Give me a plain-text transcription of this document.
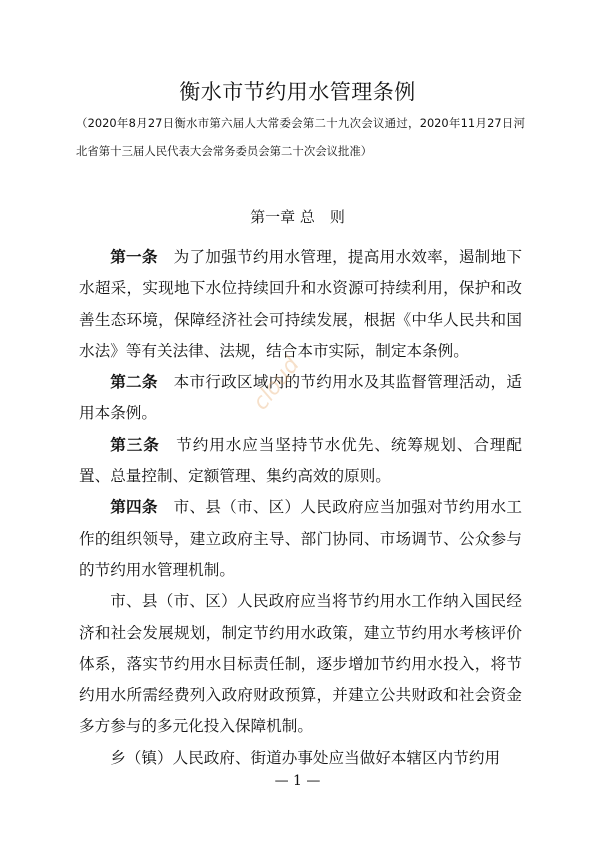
衡水市节约用水管理条例
（2020年8月27日衡水市第六届人大常委会第二十九次会议通过，2020年11月27日河北省第十三届人民代表大会常务委员会第二十次会议批准）
第一章 总　则

第一条　 为了加强节约用水管理，提高用水效率，遏制地下水超采，实现地下水位持续回升和水资源可持续利用，保护和改善生态环境，保障经济社会可持续发展，根据《中华人民共和国水法》等有关法律、法规，结合本市实际，制定本条例。

第二条　 本市行政区域内的节约用水及其监督管理活动，适用本条例。

第三条　 节约用水应当坚持节水优先、统筹规划、合理配置、总量控制、定额管理、集约高效的原则。

第四条　 市、县（市、区）人民政府应当加强对节约用水工作的组织领导，建立政府主导、部门协同、市场调节、公众参与的节约用水管理机制。

市、县（市、区）人民政府应当将节约用水工作纳入国民经济和社会发展规划，制定节约用水政策，建立节约用水考核评价体系，落实节约用水目标责任制，逐步增加节约用水投入，将节约用水所需经费列入政府财政预算，并建立公共财政和社会资金多方参与的多元化投入保障机制。

乡（镇）人民政府、街道办事处应当做好本辖区内节约用

cloud
— 1 —
